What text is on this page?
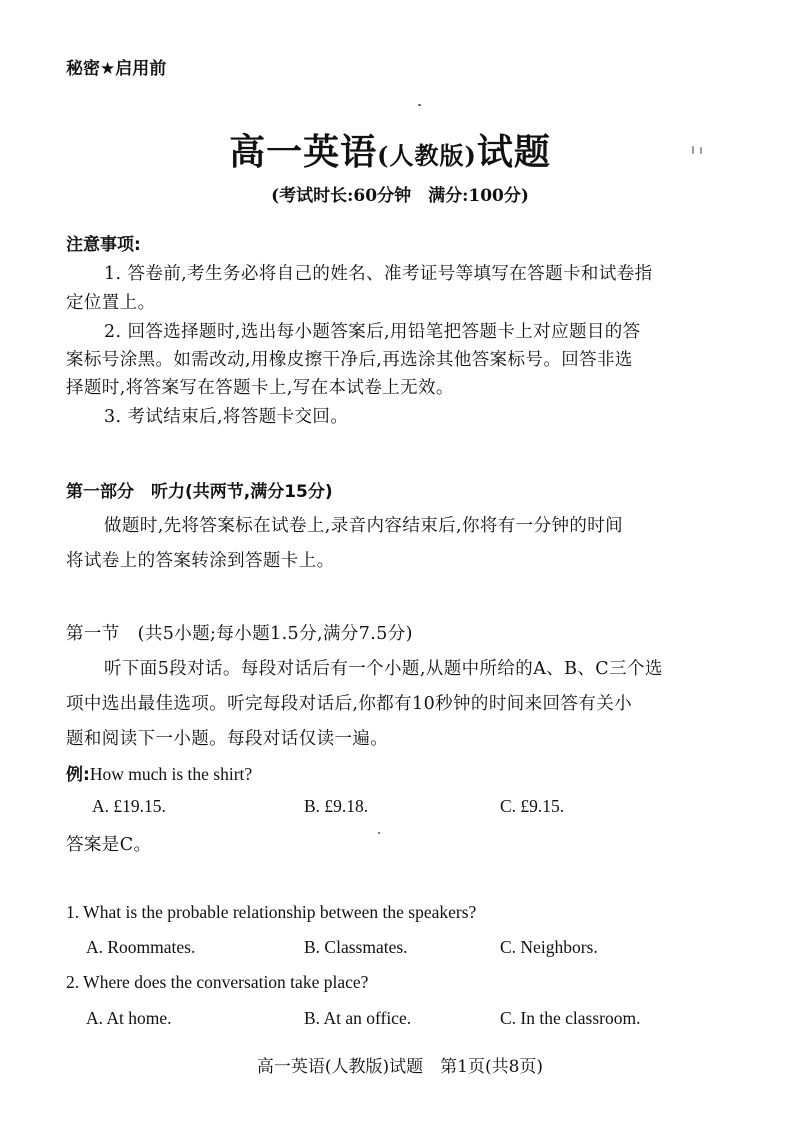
秘密★启用前
高一英语(人教版)试题
(考试时长:60分钟　满分:100分)
注意事项:
1. 答卷前,考生务必将自己的姓名、准考证号等填写在答题卡和试卷指
定位置上。
2. 回答选择题时,选出每小题答案后,用铅笔把答题卡上对应题目的答
案标号涂黑。如需改动,用橡皮擦干净后,再选涂其他答案标号。回答非选
择题时,将答案写在答题卡上,写在本试卷上无效。
3. 考试结束后,将答题卡交回。
第一部分　听力(共两节,满分15分)
做题时,先将答案标在试卷上,录音内容结束后,你将有一分钟的时间
将试卷上的答案转涂到答题卡上。
第一节　(共5小题;每小题1.5分,满分7.5分)
听下面5段对话。每段对话后有一个小题,从题中所给的A、B、C三个选
项中选出最佳选项。听完每段对话后,你都有10秒钟的时间来回答有关小
题和阅读下一小题。每段对话仅读一遍。
例:How much is the shirt?
A. £19.15.	B. £9.18.	C. £9.15.
答案是C。
1. What is the probable relationship between the speakers?
A. Roommates.	B. Classmates.	C. Neighbors.
2. Where does the conversation take place?
A. At home.	B. At an office.	C. In the classroom.
高一英语(人教版)试题　第1页(共8页)
